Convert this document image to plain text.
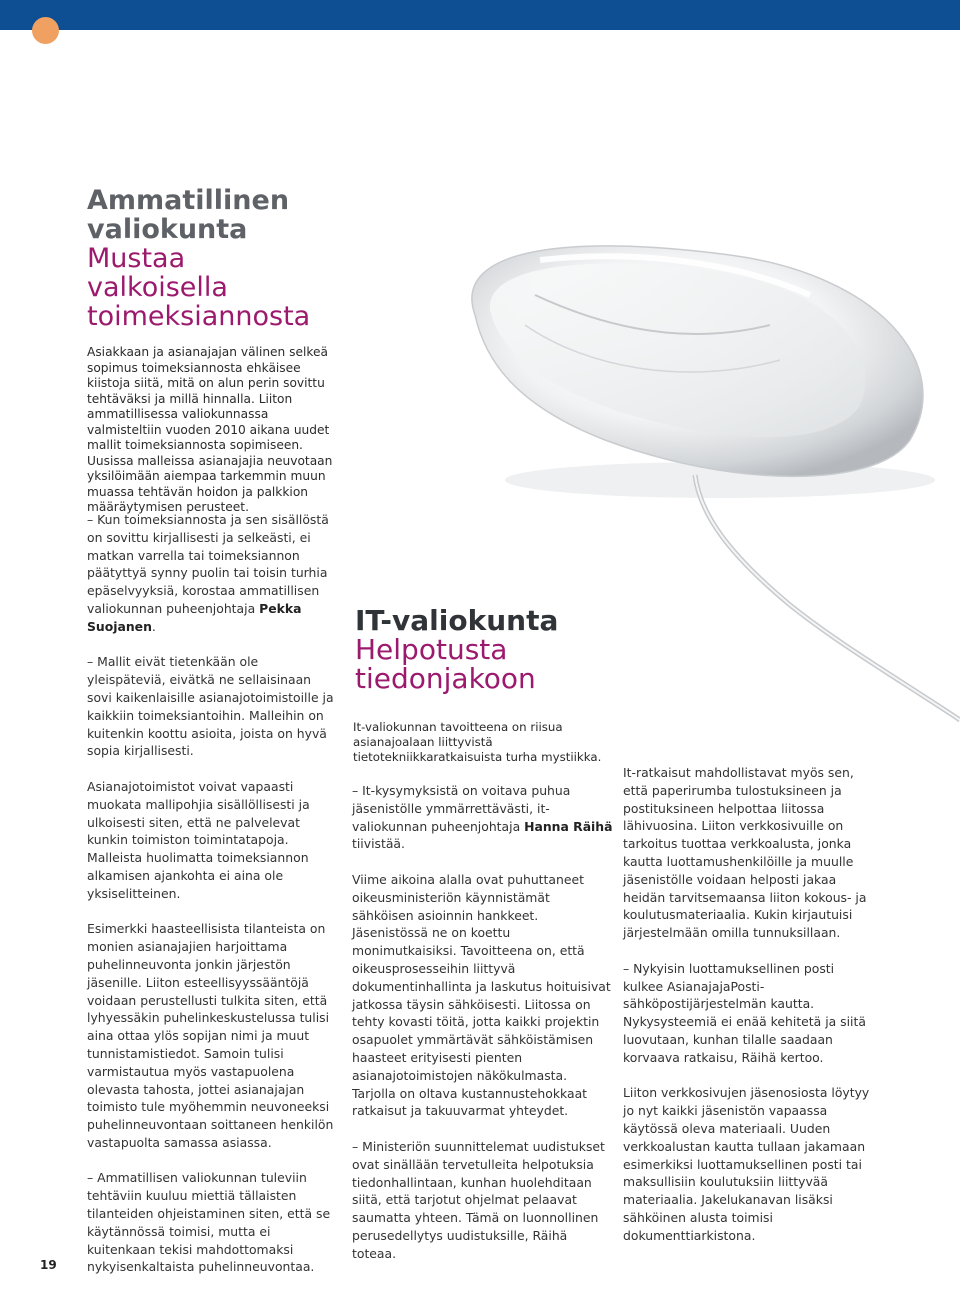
Ammatillinen
valiokunta
Mustaa
valkoisella
toimeksiannosta

Asiakkaan ja asianajajan välinen selkeä sopimus toimeksiannosta ehkäisee kiistoja siitä, mitä on alun perin sovittu tehtäväksi ja millä hinnalla. Liiton ammatillisessa valiokunnassa valmisteltiin vuoden 2010 aikana uudet mallit toimeksiannosta sopimiseen. Uusissa malleissa asianajajia neuvotaan yksilöimään aiempaa tarkemmin muun muassa tehtävän hoidon ja palkkion määräytymisen perusteet.

– Kun toimeksiannosta ja sen sisällöstä on sovittu kirjallisesti ja selkeästi, ei matkan varrella tai toimeksiannon päätyttyä synny puolin tai toisin turhia epäselvyyksiä, korostaa ammatillisen valiokunnan puheenjohtaja Pekka Suojanen.

– Mallit eivät tietenkään ole yleispäteviä, eivätkä ne sellaisinaan sovi kaikenlaisille asianajotoimistoille ja kaikkiin toimeksiantoihin. Malleihin on kuitenkin koottu asioita, joista on hyvä sopia kirjallisesti.

Asianajotoimistot voivat vapaasti muokata mallipohjia sisällöllisesti ja ulkoisesti siten, että ne palvelevat kunkin toimiston toimintatapoja. Malleista huolimatta toimeksiannon alkamisen ajankohta ei aina ole yksiselitteinen.

Esimerkki haasteellisista tilanteista on monien asianajajien harjoittama puhelinneuvonta jonkin järjestön jäsenille. Liiton esteellisyyssääntöjä voidaan perustellusti tulkita siten, että lyhyessäkin puhelinkeskustelussa tulisi aina ottaa ylös sopijan nimi ja muut tunnistamistiedot. Samoin tulisi varmistautua myös vastapuolena olevasta tahosta, jottei asianajajan toimisto tule myöhemmin neuvoneeksi puhelinneuvontaan soittaneen henkilön vastapuolta samassa asiassa.

– Ammatillisen valiokunnan tuleviin tehtäviin kuuluu miettiä tällaisten tilanteiden ohjeistaminen siten, että se käytännössä toimisi, mutta ei kuitenkaan tekisi mahdottomaksi nykyisenkaltaista puhelinneuvontaa.

IT-valiokunta
Helpotusta
tiedonjakoon

It-valiokunnan tavoitteena on riisua asianajoalaan liittyvistä tietotekniikkaratkaisuista turha mystiikka.

– It-kysymyksistä on voitava puhua jäsenistölle ymmärrettävästi, it-valiokunnan puheenjohtaja Hanna Räihä tiivistää.

Viime aikoina alalla ovat puhuttaneet oikeusministeriön käynnistämät sähköisen asioinnin hankkeet. Jäsenistössä ne on koettu monimutkaisiksi. Tavoitteena on, että oikeusprosesseihin liittyvä dokumentinhallinta ja laskutus hoituisivat jatkossa täysin sähköisesti. Liitossa on tehty kovasti töitä, jotta kaikki projektin osapuolet ymmärtävät sähköistämisen haasteet erityisesti pienten asianajotoimistojen näkökulmasta. Tarjolla on oltava kustannustehokkaat ratkaisut ja takuuvarmat yhteydet.

– Ministeriön suunnittelemat uudistukset ovat sinällään tervetulleita helpotuksia tiedonhallintaan, kunhan huolehditaan siitä, että tarjotut ohjelmat pelaavat saumatta yhteen. Tämä on luonnollinen perusedellytys uudistuksille, Räihä toteaa.

It-ratkaisut mahdollistavat myös sen, että paperirumba tulostuksineen ja postituksineen helpottaa liitossa lähivuosina. Liiton verkkosivuille on tarkoitus tuottaa verkkoalusta, jonka kautta luottamushenkilöille ja muulle jäsenistölle voidaan helposti jakaa heidän tarvitsemaansa liiton kokous- ja koulutusmateriaalia. Kukin kirjautuisi järjestelmään omilla tunnuksillaan.

– Nykyisin luottamuksellinen posti kulkee AsianajajaPosti-sähköpostijärjestelmän kautta. Nykysysteemiä ei enää kehitetä ja siitä luovutaan, kunhan tilalle saadaan korvaava ratkaisu, Räihä kertoo.

Liiton verkkosivujen jäsenosiosta löytyy jo nyt kaikki jäsenistön vapaassa käytössä oleva materiaali. Uuden verkkoalustan kautta tullaan jakamaan esimerkiksi luottamuksellinen posti tai maksullisiin koulutuksiin liittyvää materiaalia. Jakelukanavan lisäksi sähköinen alusta toimisi dokumenttiarkistona.

19
